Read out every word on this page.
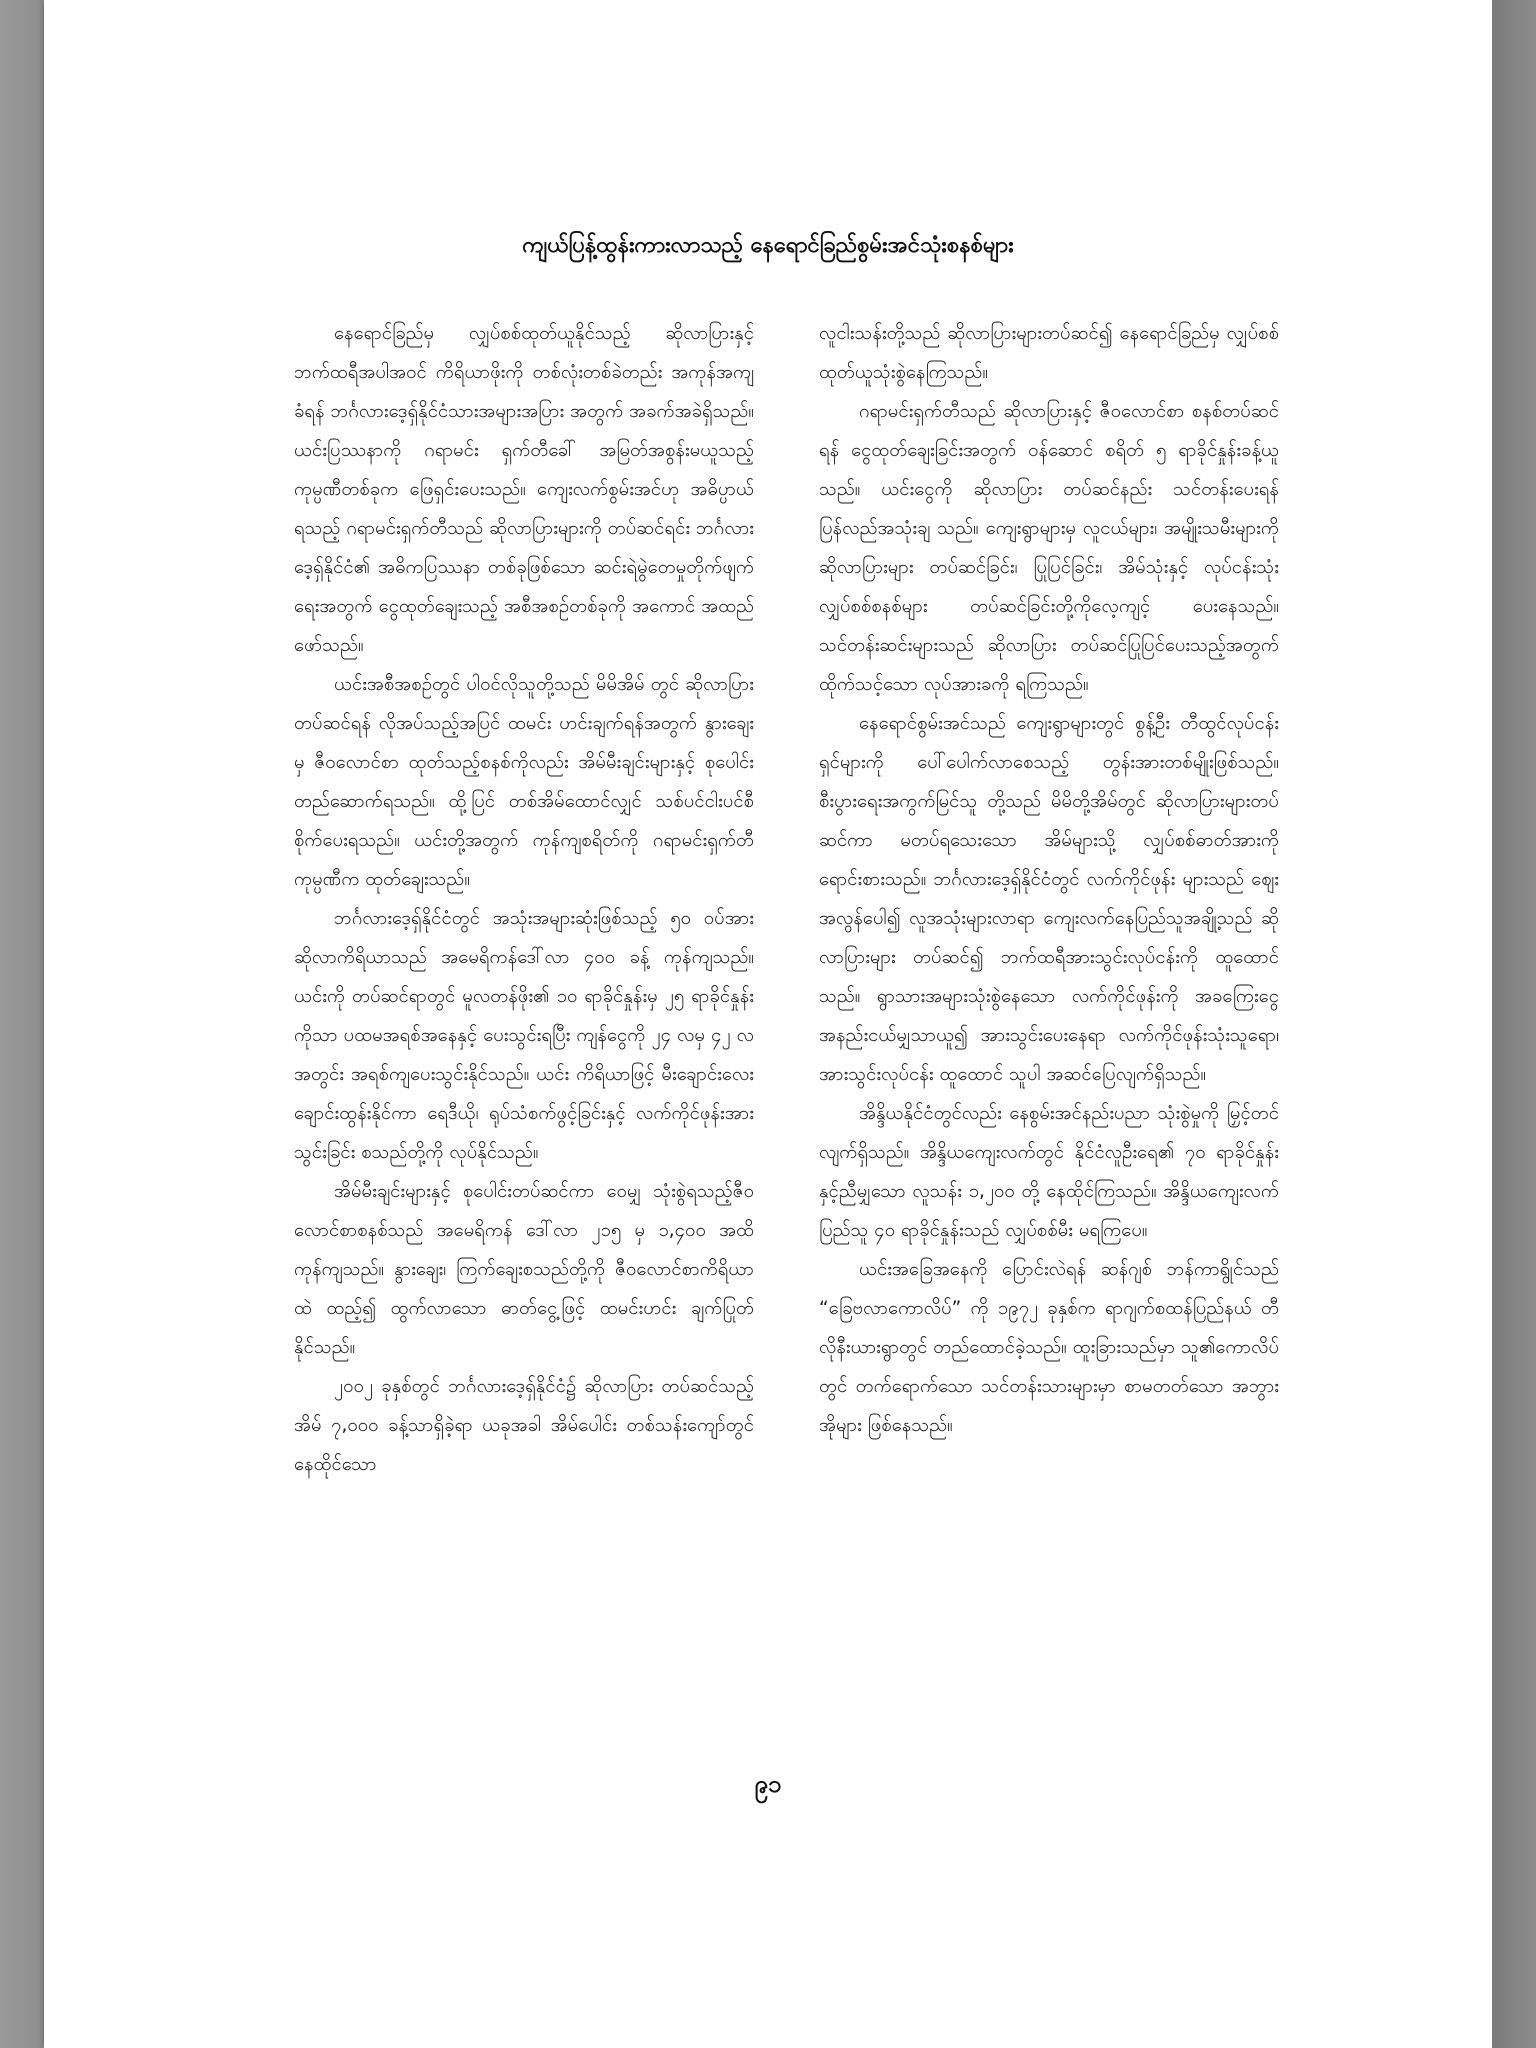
ကျယ်ပြန့်ထွန်းကားလာသည့် နေရောင်ခြည်စွမ်းအင်သုံးစနစ်များ

နေရောင်ခြည်မှ လျှပ်စစ်ထုတ်ယူနိုင်သည့် ဆိုလာပြားနှင့် ဘက်ထရီအပါအဝင် ကိရိယာဖိုးကို တစ်လုံးတစ်ခဲတည်း အကုန်အကျခံရန် ဘင်္ဂလားဒေ့ရှ်နိုင်ငံသားအများအပြား အတွက် အခက်အခဲရှိသည်။ ယင်းပြဿနာကို ဂရာမင်း ရှက်တီခေါ် အမြတ်အစွန်းမယူသည့် ကုမ္ပဏီတစ်ခုက ဖြေရှင်းပေးသည်။ ကျေးလက်စွမ်းအင်ဟု အဓိပ္ပာယ် ရသည့် ဂရာမင်းရှက်တီသည် ဆိုလာပြားများကို တပ်ဆင်ရင်း ဘင်္ဂလားဒေ့ရှ်နိုင်ငံ၏ အဓိကပြဿနာ တစ်ခုဖြစ်သော ဆင်းရဲမွဲတေမှုတိုက်ဖျက်ရေးအတွက် ငွေထုတ်ချေးသည့် အစီအစဉ်တစ်ခုကို အကောင် အထည်ဖော်သည်။

ယင်းအစီအစဉ်တွင် ပါဝင်လိုသူတို့သည် မိမိအိမ် တွင် ဆိုလာပြားတပ်ဆင်ရန် လိုအပ်သည့်အပြင် ထမင်း ဟင်းချက်ရန်အတွက် နွားချေးမှ ဇီဝလောင်စာ ထုတ်သည့်စနစ်ကိုလည်း အိမ်မီးချင်းများနှင့် စုပေါင်း တည်ဆောက်ရသည်။ ထို့ပြင် တစ်အိမ်ထောင်လျှင် သစ်ပင်ငါးပင်စီ စိုက်ပေးရသည်။ ယင်းတို့အတွက် ကုန်ကျစရိတ်ကို ဂရာမင်းရှက်တီကုမ္ပဏီက ထုတ်ချေးသည်။

ဘင်္ဂလားဒေ့ရှ်နိုင်ငံတွင် အသုံးအများဆုံးဖြစ်သည့် ၅၀ ဝပ်အား ဆိုလာကိရိယာသည် အမေရိကန်ဒေါ်လာ ၄၀၀ ခန့် ကုန်ကျသည်။ ယင်းကို တပ်ဆင်ရာတွင် မူလတန်ဖိုး၏ ၁၀ ရာခိုင်နှုန်းမှ ၂၅ ရာခိုင်နှုန်းကိုသာ ပထမအရစ်အနေနှင့် ပေးသွင်းရပြီး ကျန်ငွေကို ၂၄ လမှ ၄၂ လအတွင်း အရစ်ကျပေးသွင်းနိုင်သည်။ ယင်း ကိရိယာဖြင့် မီးချောင်းလေးချောင်းထွန်းနိုင်ကာ ရေဒီယို၊ ရုပ်သံစက်ဖွင့်ခြင်းနှင့် လက်ကိုင်ဖုန်းအားသွင်းခြင်း စသည်တို့ကို လုပ်နိုင်သည်။

အိမ်မီးချင်းများနှင့် စုပေါင်းတပ်ဆင်ကာ ဝေမျှ သုံးစွဲရသည့်ဇီဝလောင်စာစနစ်သည် အမေရိကန် ဒေါ်လာ ၂၁၅ မှ ၁,၄၀၀ အထိ ကုန်ကျသည်။ နွားချေး၊ ကြက်ချေးစသည်တို့ကို ဇီဝလောင်စာကိရိယာထဲ ထည့်၍ ထွက်လာသော ဓာတ်ငွေ့ဖြင့် ထမင်းဟင်း ချက်ပြုတ်နိုင်သည်။

၂၀၀၂ ခုနှစ်တွင် ဘင်္ဂလားဒေ့ရှ်နိုင်ငံ၌ ဆိုလာပြား တပ်ဆင်သည့်အိမ် ၇,၀၀၀ ခန့်သာရှိခဲ့ရာ ယခုအခါ အိမ်ပေါင်း တစ်သန်းကျော်တွင် နေထိုင်သော

လူငါးသန်းတို့သည် ဆိုလာပြားများတပ်ဆင်၍ နေရောင်ခြည်မှ လျှပ်စစ်ထုတ်ယူသုံးစွဲနေကြသည်။

ဂရာမင်းရှက်တီသည် ဆိုလာပြားနှင့် ဇီဝလောင်စာ စနစ်တပ်ဆင်ရန် ငွေထုတ်ချေးခြင်းအတွက် ဝန်ဆောင် စရိတ် ၅ ရာခိုင်နှုန်းခန့်ယူသည်။ ယင်းငွေကို ဆိုလာပြား တပ်ဆင်နည်း သင်တန်းပေးရန် ပြန်လည်အသုံးချ သည်။ ကျေးရွာများမှ လူငယ်များ၊ အမျိုးသမီးများကို ဆိုလာပြားများ တပ်ဆင်ခြင်း၊ ပြုပြင်ခြင်း၊ အိမ်သုံးနှင့် လုပ်ငန်းသုံးလျှပ်စစ်စနစ်များ တပ်ဆင်ခြင်းတို့ကိုလေ့ကျင့် ပေးနေသည်။ သင်တန်းဆင်းများသည် ဆိုလာပြား တပ်ဆင်ပြုပြင်ပေးသည့်အတွက် ထိုက်သင့်သော လုပ်အားခကို ရကြသည်။

နေရောင်စွမ်းအင်သည် ကျေးရွာများတွင် စွန့်ဦး တီထွင်လုပ်ငန်းရှင်များကို ပေါ်ပေါက်လာစေသည့် တွန်းအားတစ်မျိုးဖြစ်သည်။ စီးပွားရေးအကွက်မြင်သူ တို့သည် မိမိတို့အိမ်တွင် ဆိုလာပြားများတပ်ဆင်ကာ မတပ်ရသေးသော အိမ်များသို့ လျှပ်စစ်ဓာတ်အားကို ရောင်းစားသည်။ ဘင်္ဂလားဒေ့ရှ်နိုင်ငံတွင် လက်ကိုင်ဖုန်း များသည် ဈေးအလွန်ပေါ၍ လူအသုံးများလာရာ ကျေးလက်နေပြည်သူအချို့သည် ဆိုလာပြားများ တပ်ဆင်၍ ဘက်ထရီအားသွင်းလုပ်ငန်းကို ထူထောင် သည်။ ရွာသားအများသုံးစွဲနေသော လက်ကိုင်ဖုန်းကို အခကြေးငွေအနည်းငယ်မျှသာယူ၍ အားသွင်းပေးနေရာ လက်ကိုင်ဖုန်းသုံးသူရော၊ အားသွင်းလုပ်ငန်း ထူထောင် သူပါ အဆင်ပြေလျက်ရှိသည်။

အိန္ဒိယနိုင်ငံတွင်လည်း နေစွမ်းအင်နည်းပညာ သုံးစွဲမှုကို မြှင့်တင်လျက်ရှိသည်။ အိန္ဒိယကျေးလက်တွင် နိုင်ငံလူဦးရေ၏ ၇၀ ရာခိုင်နှုန်းနှင့်ညီမျှသော လူသန်း ၁,၂၀၀ တို့ နေထိုင်ကြသည်။ အိန္ဒိယကျေးလက်ပြည်သူ ၄၀ ရာခိုင်နှုန်းသည် လျှပ်စစ်မီး မရကြပေ။

ယင်းအခြေအနေကို ပြောင်းလဲရန် ဆန်ဂျစ် ဘန်ကာရွိုင်သည် “ခြေဗလာကောလိပ်” ကို ၁၉၇၂ ခုနှစ်က ရာဂျက်စထန်ပြည်နယ် တီလိုနီးယားရွာတွင် တည်ထောင်ခဲ့သည်။ ထူးခြားသည်မှာ သူ၏ကောလိပ် တွင် တက်ရောက်သော သင်တန်းသားများမှာ စာမတတ်သော အဘွားအိုများ ဖြစ်နေသည်။

၉၁
